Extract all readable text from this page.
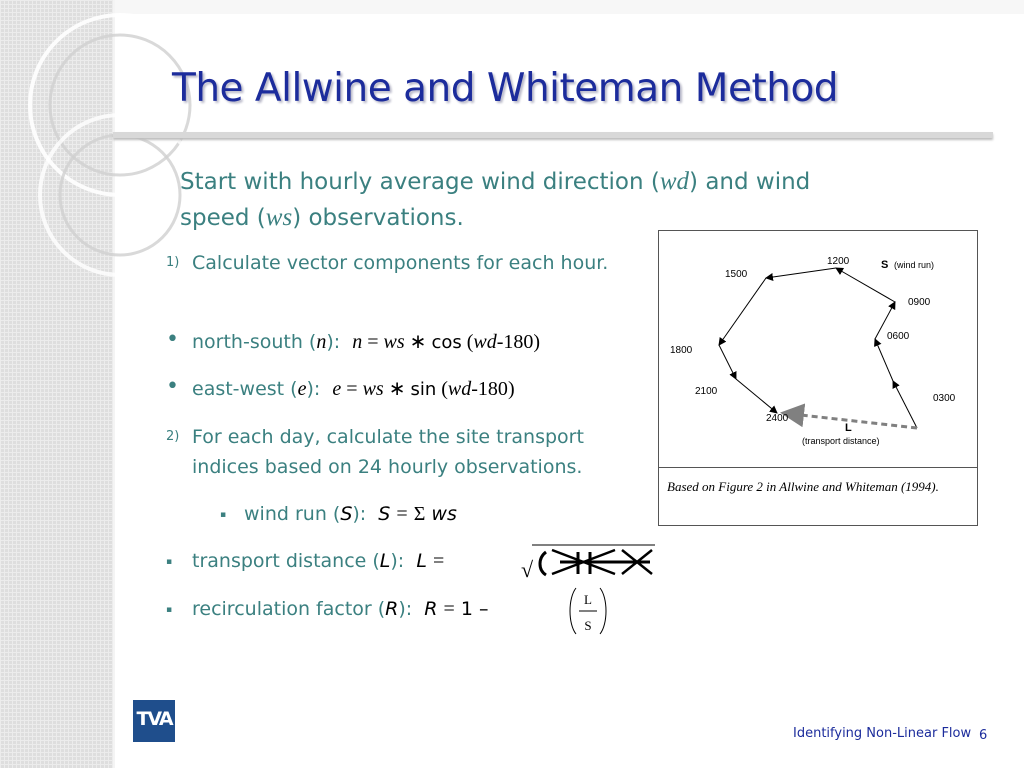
The Allwine and Whiteman Method

Start with hourly average wind direction (wd) and wind
speed (ws) observations.

1) Calculate vector components for each hour.
• north-south (n): n = ws ∗ cos (wd-180)
• east-west (e): e = ws ∗ sin (wd-180)
2) For each day, calculate the site transport indices based on 24 hourly observations.
▪ wind run (S): S = Σ ws
▪ transport distance (L): L =
▪ recirculation factor (R): R = 1 –
√
L
S
1200	S (wind run)
1500
0900
0600
1800
2100
0300
2400
L
(transport distance)

Based on Figure 2 in Allwine and Whiteman (1994).

TVA
Identifying Non-Linear Flow 6
